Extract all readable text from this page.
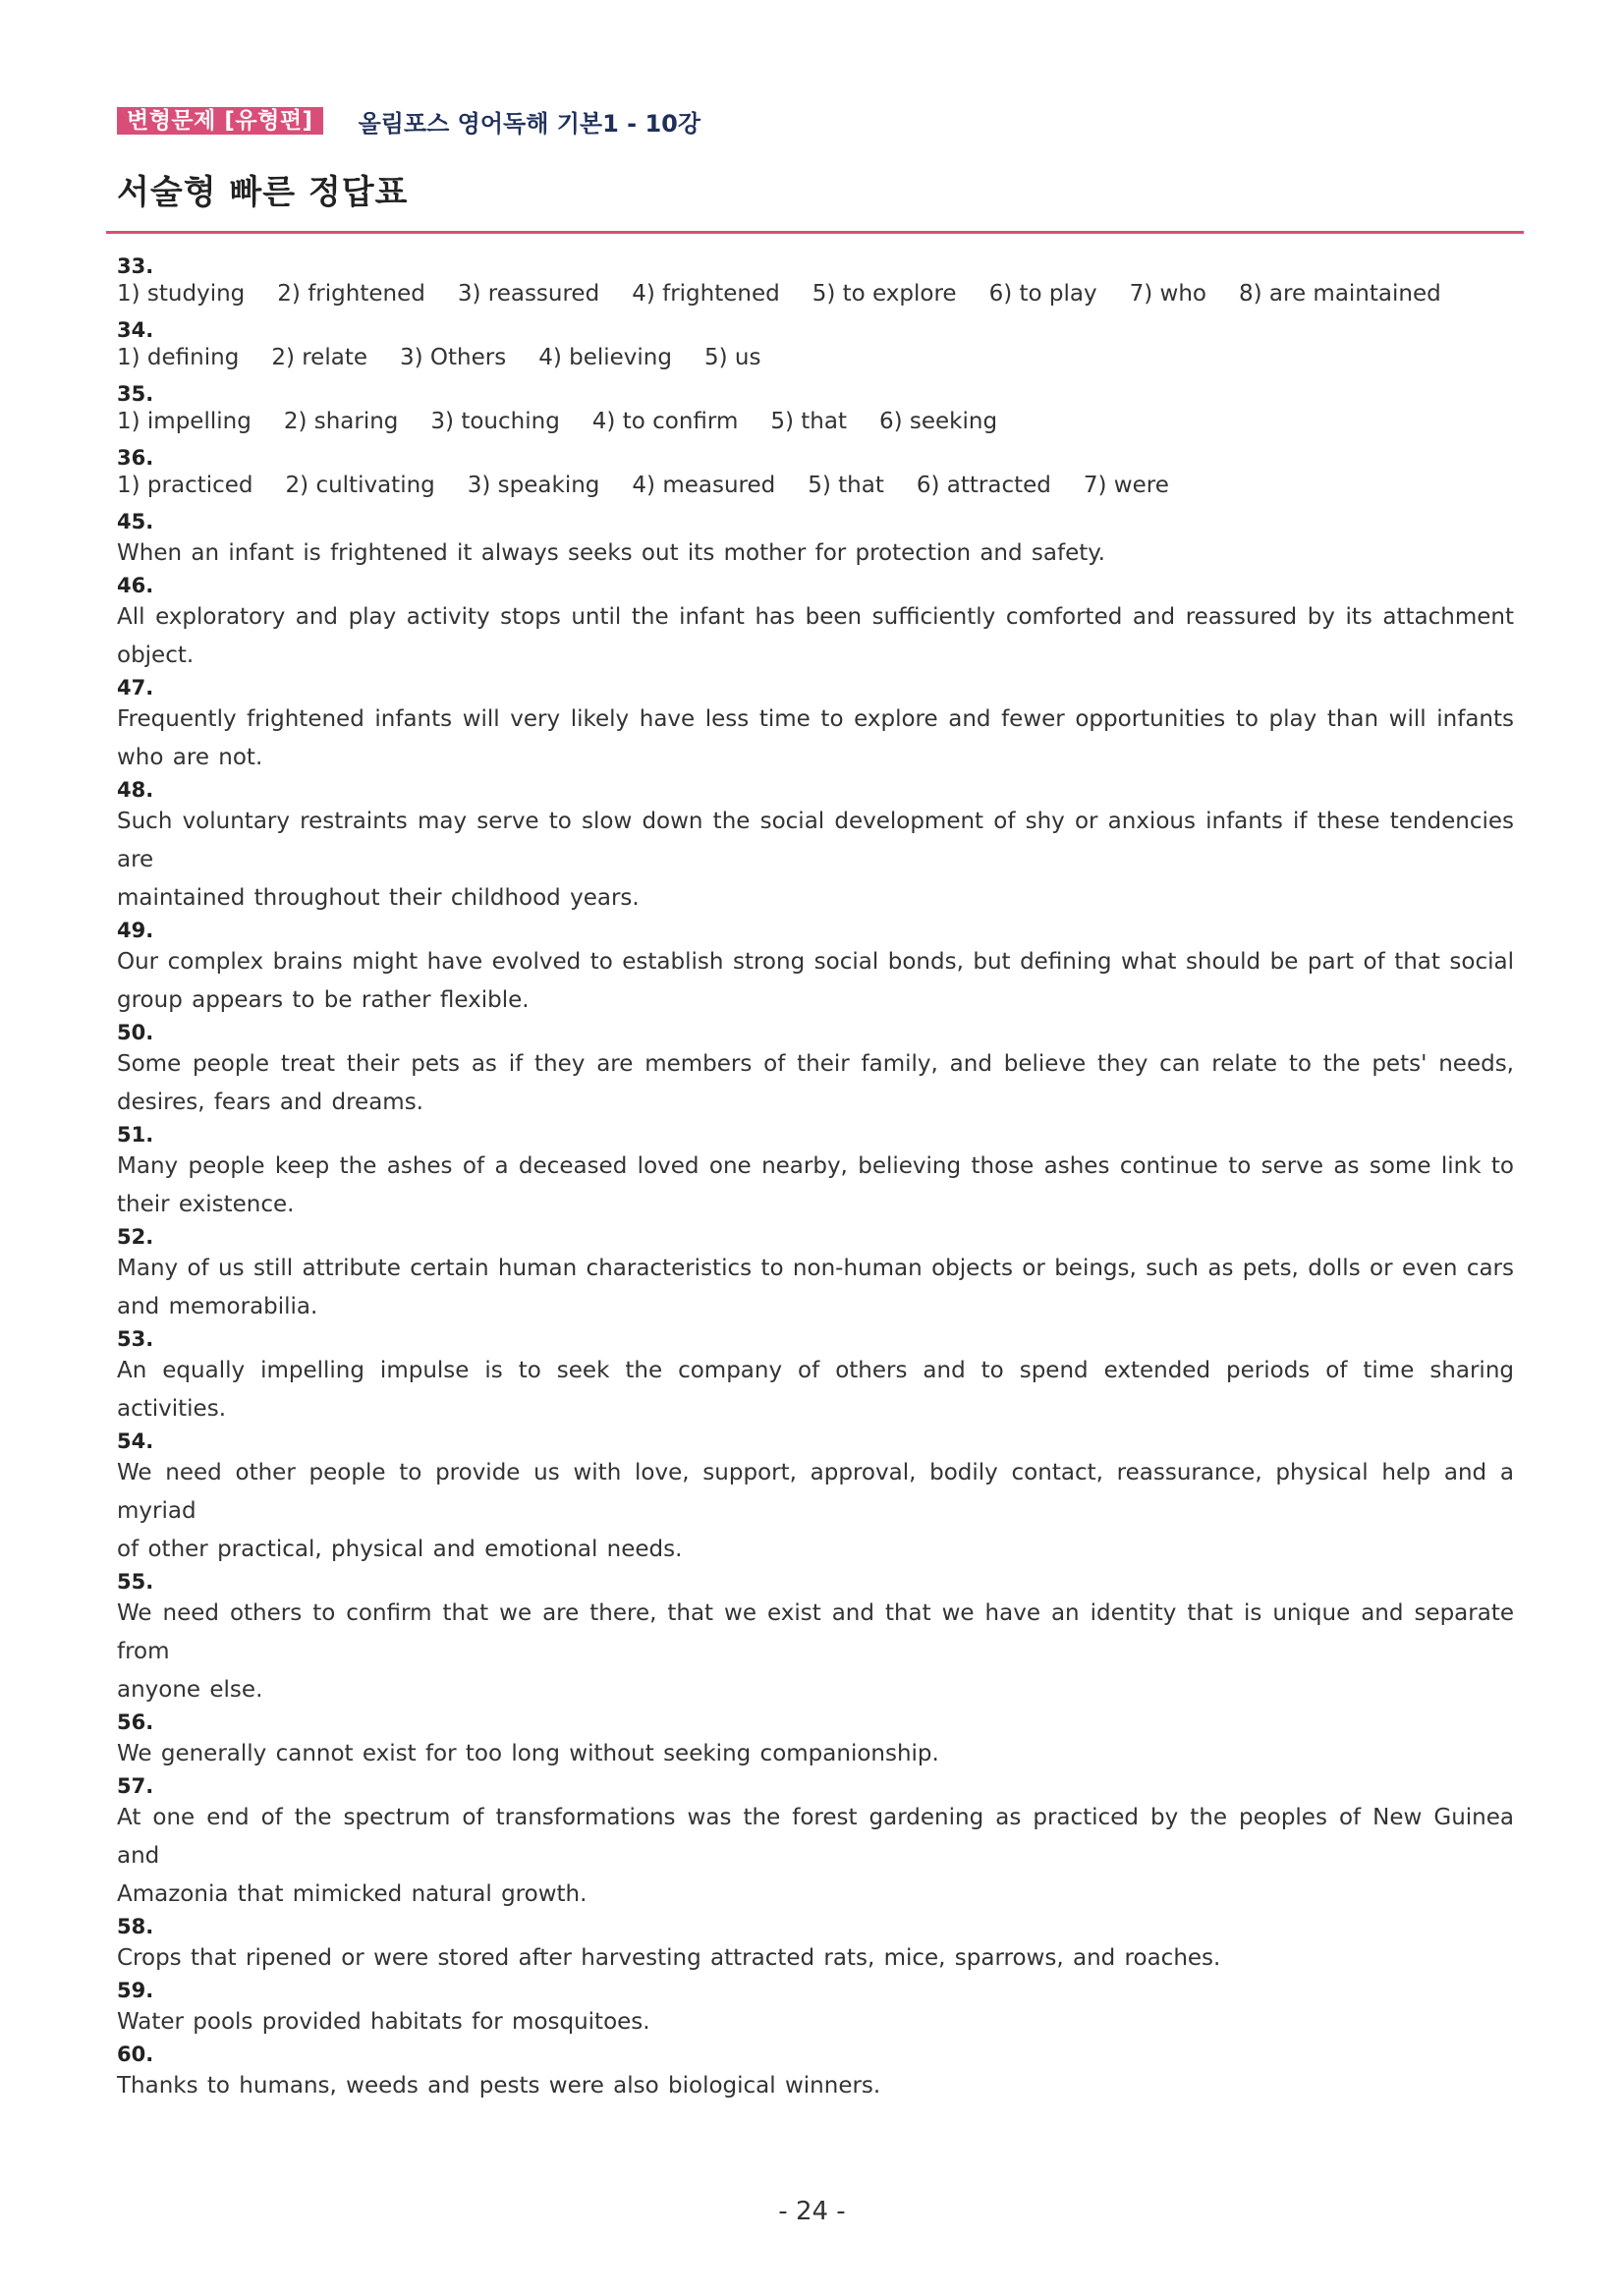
변형문제 [유형편]	올림포스 영어독해 기본1 - 10강
서술형 빠른 정답표
33.
1) studying 2) frightened 3) reassured 4) frightened 5) to explore 6) to play 7) who 8) are maintained
34.
1) defining 2) relate 3) Others 4) believing 5) us
35.
1) impelling 2) sharing 3) touching 4) to confirm 5) that 6) seeking
36.
1) practiced 2) cultivating 3) speaking 4) measured 5) that 6) attracted 7) were
45.
When an infant is frightened it always seeks out its mother for protection and safety.
46.
All exploratory and play activity stops until the infant has been sufficiently comforted and reassured by its attachment
object.
47.
Frequently frightened infants will very likely have less time to explore and fewer opportunities to play than will infants
who are not.
48.
Such voluntary restraints may serve to slow down the social development of shy or anxious infants if these tendencies are
maintained throughout their childhood years.
49.
Our complex brains might have evolved to establish strong social bonds, but defining what should be part of that social
group appears to be rather flexible.
50.
Some people treat their pets as if they are members of their family, and believe they can relate to the pets' needs,
desires, fears and dreams.
51.
Many people keep the ashes of a deceased loved one nearby, believing those ashes continue to serve as some link to
their existence.
52.
Many of us still attribute certain human characteristics to non-human objects or beings, such as pets, dolls or even cars
and memorabilia.
53.
An equally impelling impulse is to seek the company of others and to spend extended periods of time sharing activities.
54.
We need other people to provide us with love, support, approval, bodily contact, reassurance, physical help and a myriad
of other practical, physical and emotional needs.
55.
We need others to confirm that we are there, that we exist and that we have an identity that is unique and separate from
anyone else.
56.
We generally cannot exist for too long without seeking companionship.
57.
At one end of the spectrum of transformations was the forest gardening as practiced by the peoples of New Guinea and
Amazonia that mimicked natural growth.
58.
Crops that ripened or were stored after harvesting attracted rats, mice, sparrows, and roaches.
59.
Water pools provided habitats for mosquitoes.
60.
Thanks to humans, weeds and pests were also biological winners.
- 24 -
